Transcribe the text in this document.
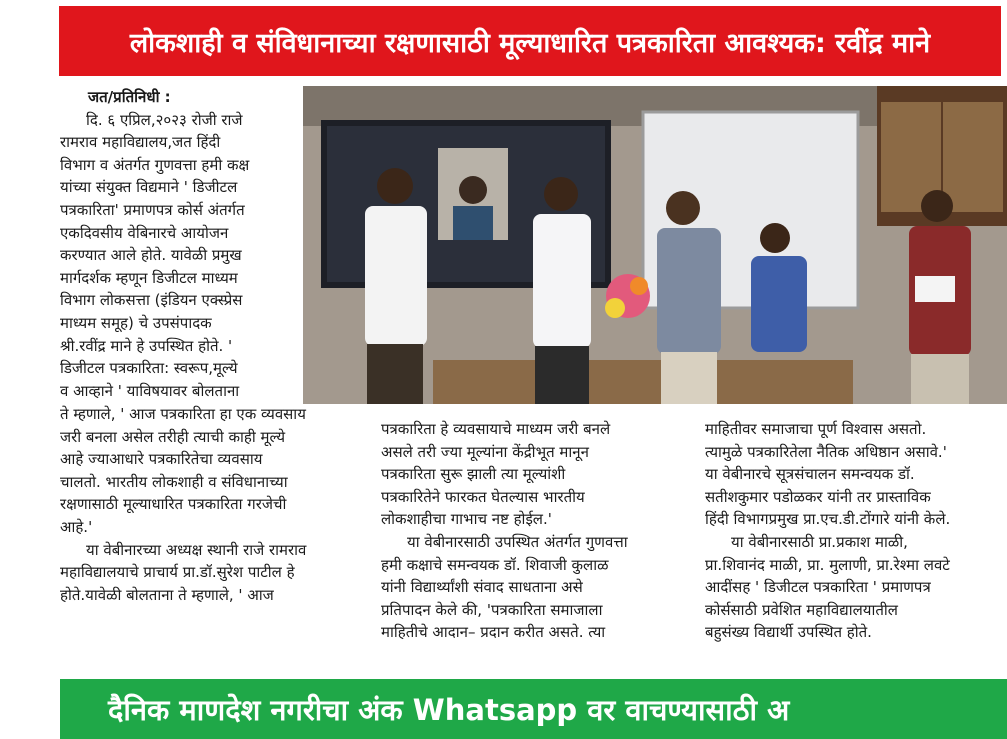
लोकशाही व संविधानाच्या रक्षणासाठी मूल्याधारित पत्रकारिता आवश्यक: रवींद्र माने

जत/प्रतिनिधी :

दि. ६ एप्रिल,२०२३ रोजी राजे

रामराव महाविद्यालय,जत हिंदी

विभाग व अंतर्गत गुणवत्ता हमी कक्ष

यांच्या संयुक्त विद्यमाने ' डिजीटल

पत्रकारिता' प्रमाणपत्र कोर्स अंतर्गत

एकदिवसीय वेबिनारचे आयोजन

करण्यात आले होते. यावेळी प्रमुख

मार्गदर्शक म्हणून डिजीटल माध्यम

विभाग लोकसत्ता (इंडियन एक्स्प्रेस

माध्यम समूह) चे उपसंपादक

श्री.रवींद्र माने हे उपस्थित होते. '

डिजीटल पत्रकारिता: स्वरूप,मूल्ये

व आव्हाने ' याविषयावर बोलताना

ते म्हणाले, ' आज पत्रकारिता हा एक व्यवसाय

जरी बनला असेल तरीही त्याची काही मूल्ये

आहे ज्याआधारे पत्रकारितेचा व्यवसाय

चालतो. भारतीय लोकशाही व संविधानाच्या

रक्षणासाठी मूल्याधारित पत्रकारिता गरजेची

आहे.'

या वेबीनारच्या अध्यक्ष स्थानी राजे रामराव

महाविद्यालयाचे प्राचार्य प्रा.डॉ.सुरेश पाटील हे

होते.यावेळी बोलताना ते म्हणाले, ' आज

पत्रकारिता हे व्यवसायाचे माध्यम जरी बनले

असले तरी ज्या मूल्यांना केंद्रीभूत मानून

पत्रकारिता सुरू झाली त्या मूल्यांशी

पत्रकारितेने फारकत घेतल्यास भारतीय

लोकशाहीचा गाभाच नष्ट होईल.'

या वेबीनारसाठी उपस्थित अंतर्गत गुणवत्ता

हमी कक्षाचे समन्वयक डॉ. शिवाजी कुलाळ

यांनी विद्यार्थ्यांशी संवाद साधताना असे

प्रतिपादन केले की, 'पत्रकारिता समाजाला

माहितीचे आदान– प्रदान करीत असते. त्या

माहितीवर समाजाचा पूर्ण विश्वास असतो.

त्यामुळे पत्रकारितेला नैतिक अधिष्ठान असावे.'

या वेबीनारचे सूत्रसंचालन समन्वयक डॉ.

सतीशकुमार पडोळकर यांनी तर प्रास्ताविक

हिंदी विभागप्रमुख प्रा.एच.डी.टोंगारे यांनी केले.

या वेबीनारसाठी प्रा.प्रकाश माळी,

प्रा.शिवानंद माळी, प्रा. मुलाणी, प्रा.रेश्मा लवटे

आदींसह ' डिजीटल पत्रकारिता ' प्रमाणपत्र

कोर्ससाठी प्रवेशित महाविद्यालयातील

बहुसंख्य विद्यार्थी उपस्थित होते.

दैनिक माणदेश नगरीचा अंक Whatsapp वर वाचण्यासाठी अ
